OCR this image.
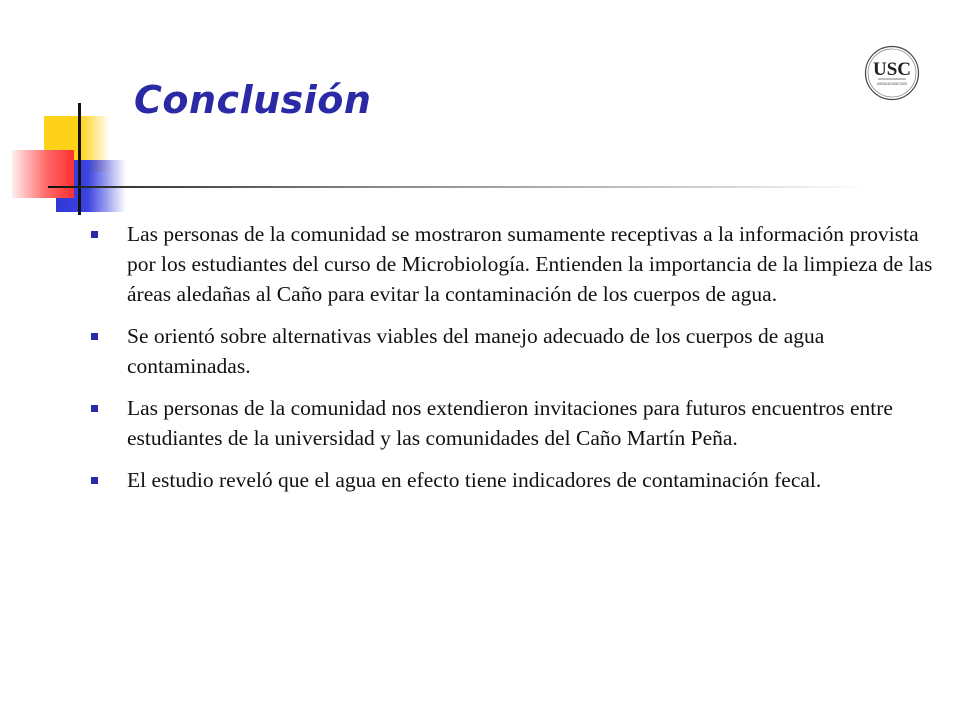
Conclusión
USC
UNIVERSIDAD DEL SAGRADO CORAZÓN
Las personas de la comunidad se mostraron sumamente receptivas a la información provista por los estudiantes del curso de Microbiología. Entienden la importancia de la limpieza de las áreas aledañas al Caño para evitar la contaminación de los cuerpos de agua.
Se orientó sobre alternativas viables del manejo adecuado de los cuerpos de agua contaminadas.
Las personas de la comunidad nos extendieron invitaciones para futuros encuentros entre estudiantes de la universidad y las comunidades del Caño Martín Peña.
El estudio reveló que el agua en efecto tiene indicadores de contaminación fecal.
